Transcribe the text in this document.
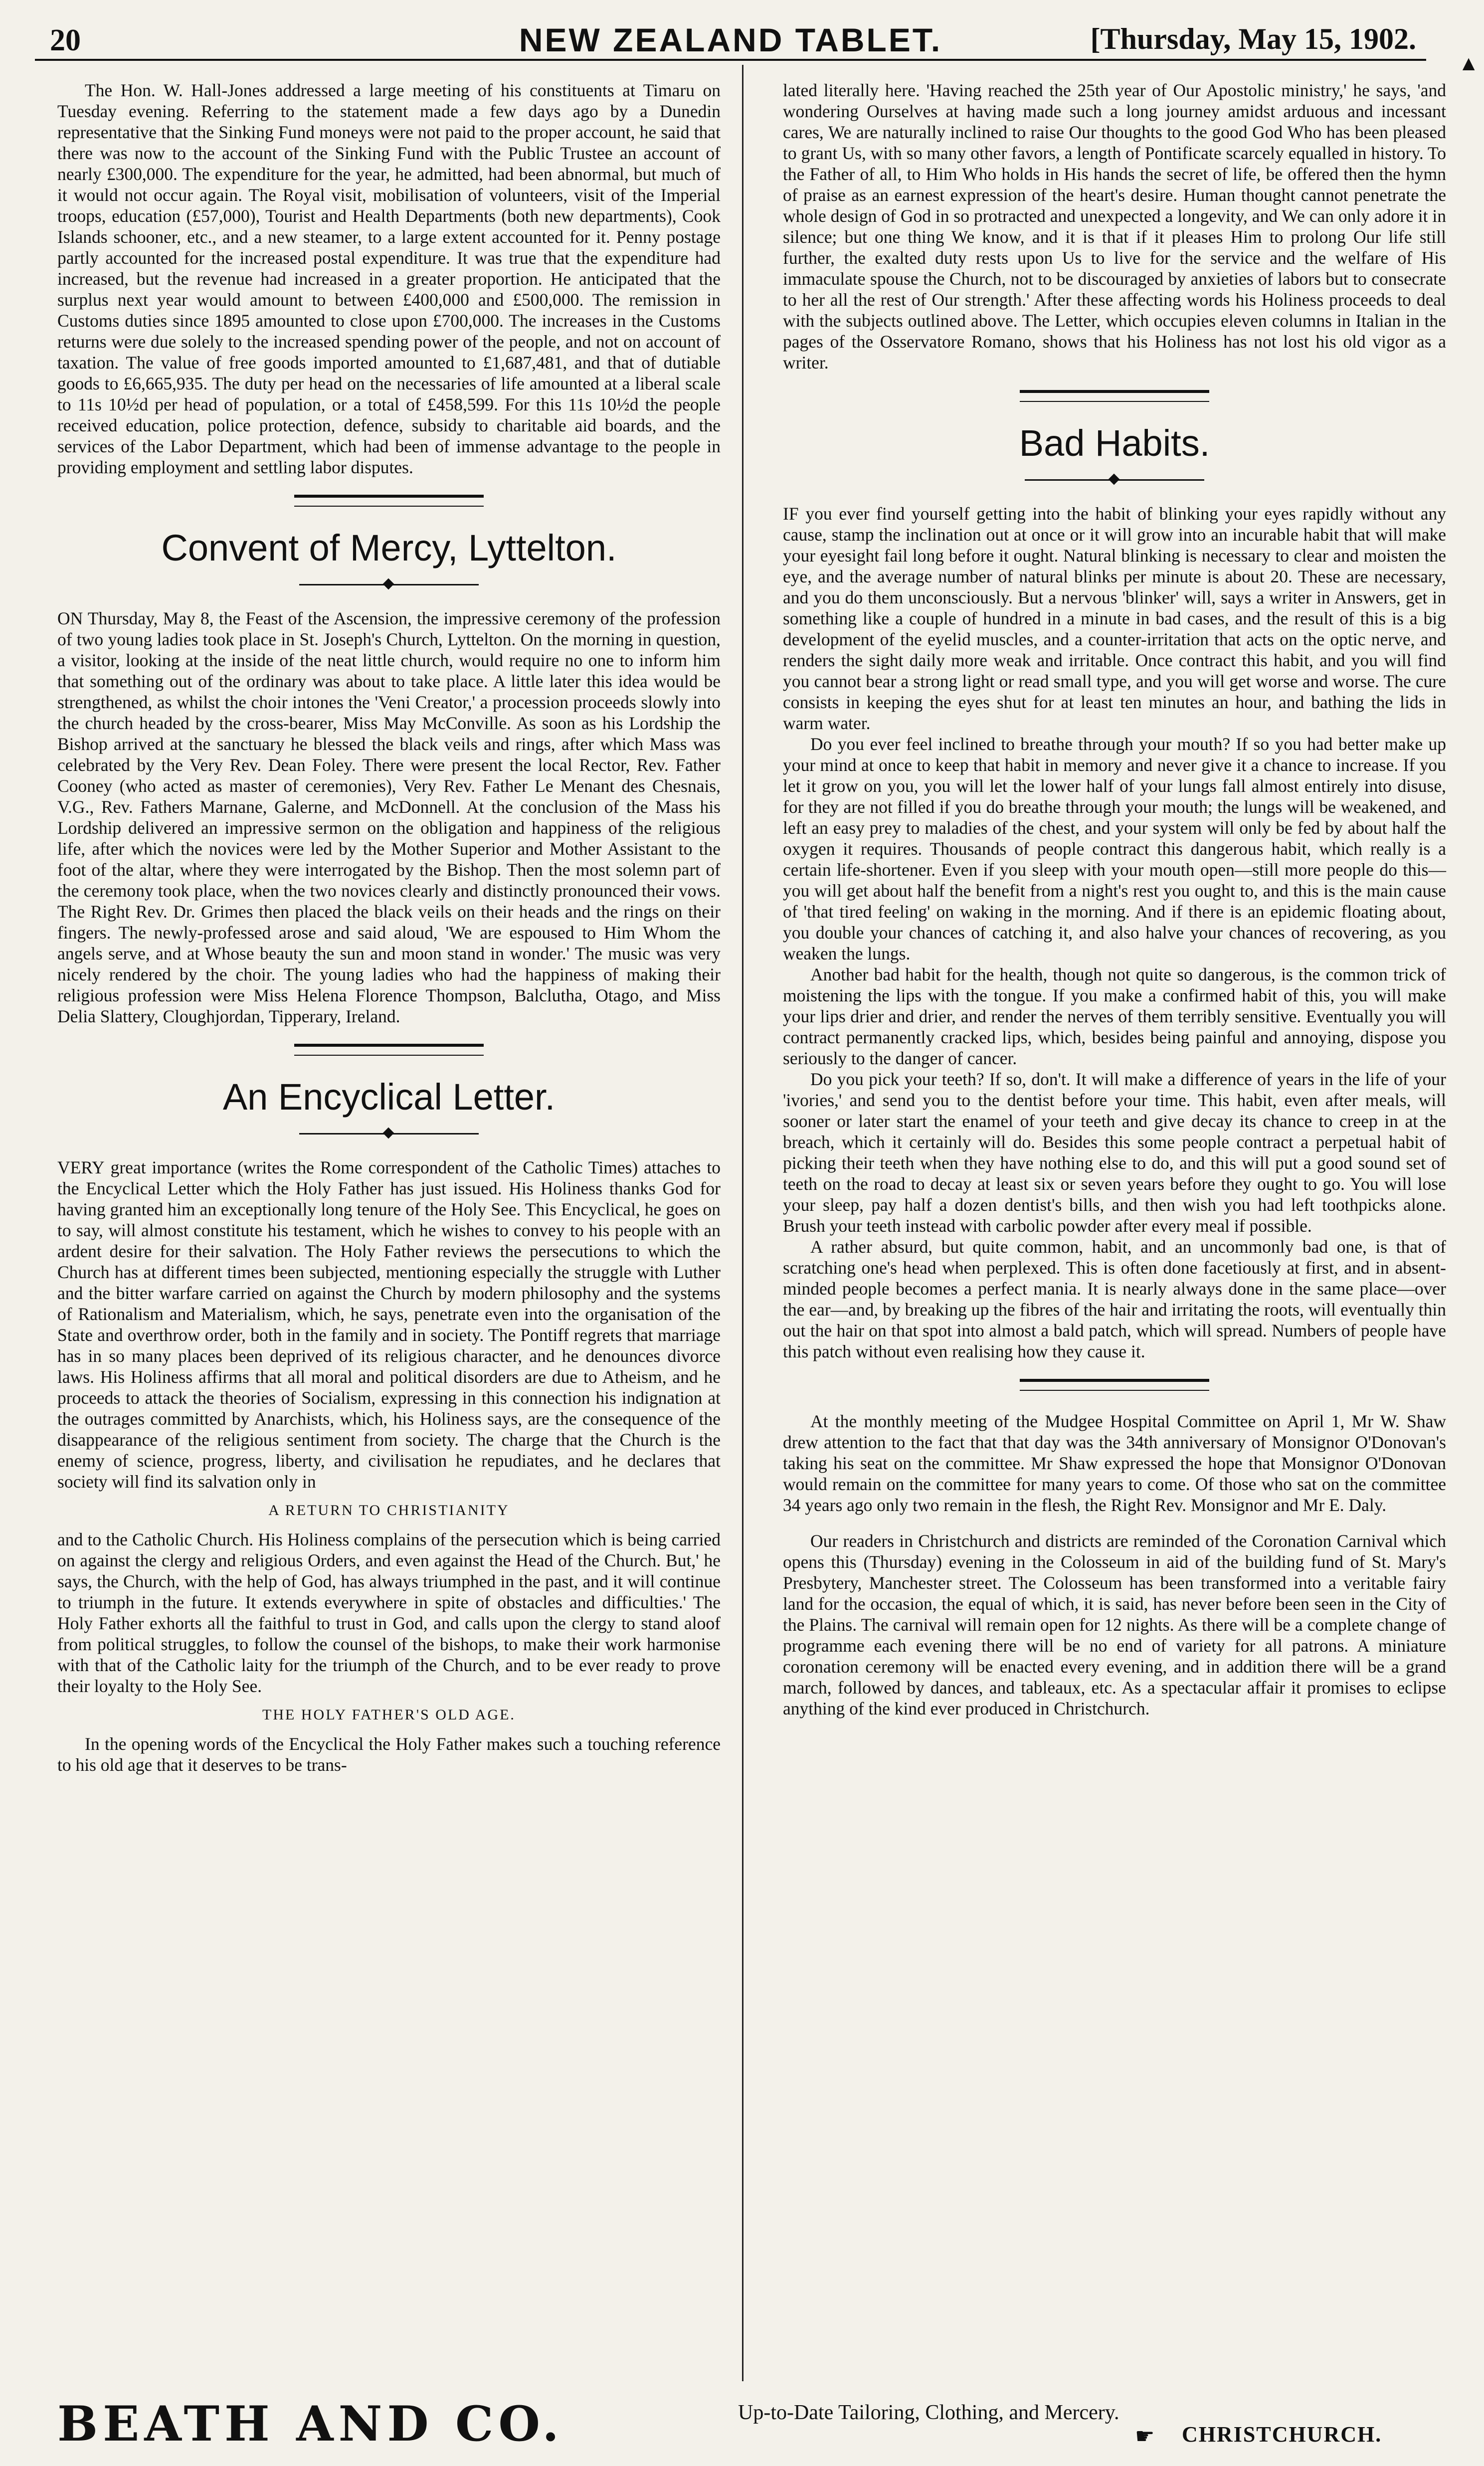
20	NEW ZEALAND TABLET.	[Thursday, May 15, 1902.
▲

The Hon. W. Hall-Jones addressed a large meeting of his constituents at Timaru on Tuesday evening. Referring to the statement made a few days ago by a Dunedin representative that the Sinking Fund moneys were not paid to the proper account, he said that there was now to the account of the Sinking Fund with the Public Trustee an account of nearly £300,000. The expenditure for the year, he admitted, had been abnormal, but much of it would not occur again. The Royal visit, mobilisation of volunteers, visit of the Imperial troops, education (£57,000), Tourist and Health Departments (both new departments), Cook Islands schooner, etc., and a new steamer, to a large extent accounted for it. Penny postage partly accounted for the increased postal expenditure. It was true that the expenditure had increased, but the revenue had increased in a greater proportion. He anticipated that the surplus next year would amount to between £400,000 and £500,000. The remission in Customs duties since 1895 amounted to close upon £700,000. The increases in the Customs returns were due solely to the increased spending power of the people, and not on account of taxation. The value of free goods imported amounted to £1,687,481, and that of dutiable goods to £6,665,935. The duty per head on the necessaries of life amounted at a liberal scale to 11s 10½d per head of population, or a total of £458,599. For this 11s 10½d the people received education, police protection, defence, subsidy to charitable aid boards, and the services of the Labor Department, which had been of immense advantage to the people in providing employment and settling labor disputes.

Convent of Mercy, Lyttelton.

ON Thursday, May 8, the Feast of the Ascension, the impressive ceremony of the profession of two young ladies took place in St. Joseph's Church, Lyttelton. On the morning in question, a visitor, looking at the inside of the neat little church, would require no one to inform him that something out of the ordinary was about to take place. A little later this idea would be strengthened, as whilst the choir intones the 'Veni Creator,' a procession proceeds slowly into the church headed by the cross-bearer, Miss May McConville. As soon as his Lordship the Bishop arrived at the sanctuary he blessed the black veils and rings, after which Mass was celebrated by the Very Rev. Dean Foley. There were present the local Rector, Rev. Father Cooney (who acted as master of ceremonies), Very Rev. Father Le Menant des Chesnais, V.G., Rev. Fathers Marnane, Galerne, and McDonnell. At the conclusion of the Mass his Lordship delivered an impressive sermon on the obligation and happiness of the religious life, after which the novices were led by the Mother Superior and Mother Assistant to the foot of the altar, where they were interrogated by the Bishop. Then the most solemn part of the ceremony took place, when the two novices clearly and distinctly pronounced their vows. The Right Rev. Dr. Grimes then placed the black veils on their heads and the rings on their fingers. The newly-professed arose and said aloud, 'We are espoused to Him Whom the angels serve, and at Whose beauty the sun and moon stand in wonder.' The music was very nicely rendered by the choir. The young ladies who had the happiness of making their religious profession were Miss Helena Florence Thompson, Balclutha, Otago, and Miss Delia Slattery, Cloughjordan, Tipperary, Ireland.

An Encyclical Letter.

VERY great importance (writes the Rome correspondent of the Catholic Times) attaches to the Encyclical Letter which the Holy Father has just issued. His Holiness thanks God for having granted him an exceptionally long tenure of the Holy See. This Encyclical, he goes on to say, will almost constitute his testament, which he wishes to convey to his people with an ardent desire for their salvation. The Holy Father reviews the persecutions to which the Church has at different times been subjected, mentioning especially the struggle with Luther and the bitter warfare carried on against the Church by modern philosophy and the systems of Rationalism and Materialism, which, he says, penetrate even into the organisation of the State and overthrow order, both in the family and in society. The Pontiff regrets that marriage has in so many places been deprived of its religious character, and he denounces divorce laws. His Holiness affirms that all moral and political disorders are due to Atheism, and he proceeds to attack the theories of Socialism, expressing in this connection his indignation at the outrages committed by Anarchists, which, his Holiness says, are the consequence of the disappearance of the religious sentiment from society. The charge that the Church is the enemy of science, progress, liberty, and civilisation he repudiates, and he declares that society will find its salvation only in

A RETURN TO CHRISTIANITY

and to the Catholic Church. His Holiness complains of the persecution which is being carried on against the clergy and religious Orders, and even against the Head of the Church. But,' he says, the Church, with the help of God, has always triumphed in the past, and it will continue to triumph in the future. It extends everywhere in spite of obstacles and difficulties.' The Holy Father exhorts all the faithful to trust in God, and calls upon the clergy to stand aloof from political struggles, to follow the counsel of the bishops, to make their work harmonise with that of the Catholic laity for the triumph of the Church, and to be ever ready to prove their loyalty to the Holy See.

THE HOLY FATHER'S OLD AGE.

In the opening words of the Encyclical the Holy Father makes such a touching reference to his old age that it deserves to be trans-

lated literally here. 'Having reached the 25th year of Our Apostolic ministry,' he says, 'and wondering Ourselves at having made such a long journey amidst arduous and incessant cares, We are naturally inclined to raise Our thoughts to the good God Who has been pleased to grant Us, with so many other favors, a length of Pontificate scarcely equalled in history. To the Father of all, to Him Who holds in His hands the secret of life, be offered then the hymn of praise as an earnest expression of the heart's desire. Human thought cannot penetrate the whole design of God in so protracted and unexpected a longevity, and We can only adore it in silence; but one thing We know, and it is that if it pleases Him to prolong Our life still further, the exalted duty rests upon Us to live for the service and the welfare of His immaculate spouse the Church, not to be discouraged by anxieties of labors but to consecrate to her all the rest of Our strength.' After these affecting words his Holiness proceeds to deal with the subjects outlined above. The Letter, which occupies eleven columns in Italian in the pages of the Osservatore Romano, shows that his Holiness has not lost his old vigor as a writer.

Bad Habits.

IF you ever find yourself getting into the habit of blinking your eyes rapidly without any cause, stamp the inclination out at once or it will grow into an incurable habit that will make your eyesight fail long before it ought. Natural blinking is necessary to clear and moisten the eye, and the average number of natural blinks per minute is about 20. These are necessary, and you do them unconsciously. But a nervous 'blinker' will, says a writer in Answers, get in something like a couple of hundred in a minute in bad cases, and the result of this is a big development of the eyelid muscles, and a counter-irritation that acts on the optic nerve, and renders the sight daily more weak and irritable. Once contract this habit, and you will find you cannot bear a strong light or read small type, and you will get worse and worse. The cure consists in keeping the eyes shut for at least ten minutes an hour, and bathing the lids in warm water.

Do you ever feel inclined to breathe through your mouth? If so you had better make up your mind at once to keep that habit in memory and never give it a chance to increase. If you let it grow on you, you will let the lower half of your lungs fall almost entirely into disuse, for they are not filled if you do breathe through your mouth; the lungs will be weakened, and left an easy prey to maladies of the chest, and your system will only be fed by about half the oxygen it requires. Thousands of people contract this dangerous habit, which really is a certain life-shortener. Even if you sleep with your mouth open—still more people do this—you will get about half the benefit from a night's rest you ought to, and this is the main cause of 'that tired feeling' on waking in the morning. And if there is an epidemic floating about, you double your chances of catching it, and also halve your chances of recovering, as you weaken the lungs.

Another bad habit for the health, though not quite so dangerous, is the common trick of moistening the lips with the tongue. If you make a confirmed habit of this, you will make your lips drier and drier, and render the nerves of them terribly sensitive. Eventually you will contract permanently cracked lips, which, besides being painful and annoying, dispose you seriously to the danger of cancer.

Do you pick your teeth? If so, don't. It will make a difference of years in the life of your 'ivories,' and send you to the dentist before your time. This habit, even after meals, will sooner or later start the enamel of your teeth and give decay its chance to creep in at the breach, which it certainly will do. Besides this some people contract a perpetual habit of picking their teeth when they have nothing else to do, and this will put a good sound set of teeth on the road to decay at least six or seven years before they ought to go. You will lose your sleep, pay half a dozen dentist's bills, and then wish you had left toothpicks alone. Brush your teeth instead with carbolic powder after every meal if possible.

A rather absurd, but quite common, habit, and an uncommonly bad one, is that of scratching one's head when perplexed. This is often done facetiously at first, and in absent-minded people becomes a perfect mania. It is nearly always done in the same place—over the ear—and, by breaking up the fibres of the hair and irritating the roots, will eventually thin out the hair on that spot into almost a bald patch, which will spread. Numbers of people have this patch without even realising how they cause it.

At the monthly meeting of the Mudgee Hospital Committee on April 1, Mr W. Shaw drew attention to the fact that that day was the 34th anniversary of Monsignor O'Donovan's taking his seat on the committee. Mr Shaw expressed the hope that Monsignor O'Donovan would remain on the committee for many years to come. Of those who sat on the committee 34 years ago only two remain in the flesh, the Right Rev. Monsignor and Mr E. Daly.

Our readers in Christchurch and districts are reminded of the Coronation Carnival which opens this (Thursday) evening in the Colosseum in aid of the building fund of St. Mary's Presbytery, Manchester street. The Colosseum has been transformed into a veritable fairy land for the occasion, the equal of which, it is said, has never before been seen in the City of the Plains. The carnival will remain open for 12 nights. As there will be a complete change of programme each evening there will be no end of variety for all patrons. A miniature coronation ceremony will be enacted every evening, and in addition there will be a grand march, followed by dances, and tableaux, etc. As a spectacular affair it promises to eclipse anything of the kind ever produced in Christchurch.

BEATH AND CO.	Up-to-Date Tailoring, Clothing, and Mercery.
☛ CHRISTCHURCH.
